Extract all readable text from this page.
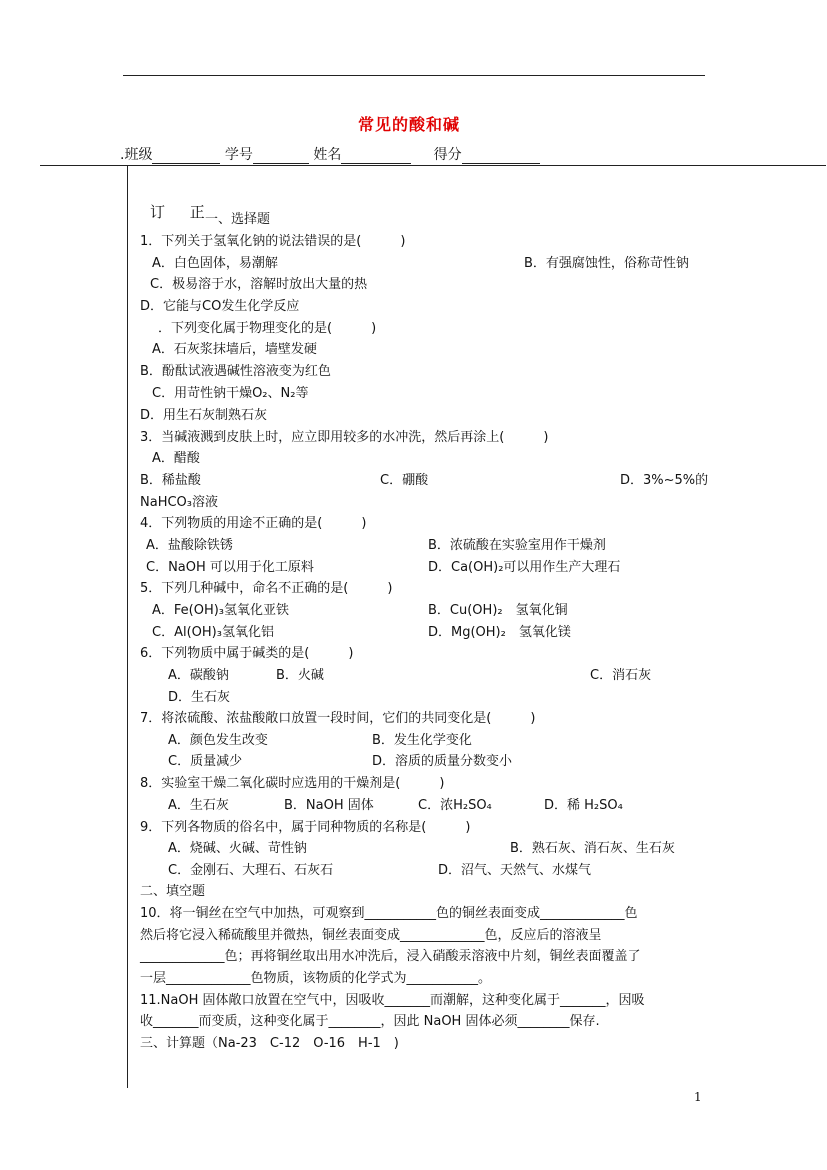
常见的酸和碱
.班级	学号	姓名	得分
订 正
一、选择题
1．下列关于氢氧化钠的说法错误的是(　　　)
A．白色固体，易潮解	B．有强腐蚀性，俗称苛性钠
C．极易溶于水，溶解时放出大量的热
D．它能与CO发生化学反应
．下列变化属于物理变化的是(　　　)
A．石灰浆抹墙后，墙壁发硬
B．酚酞试液遇碱性溶液变为红色
C．用苛性钠干燥O₂、N₂等
D．用生石灰制熟石灰
3．当碱液溅到皮肤上时，应立即用较多的水冲洗，然后再涂上(　　　)
A．醋酸
B．稀盐酸	C．硼酸	D．3%~5%的
NaHCO₃溶液
4．下列物质的用途不正确的是(　　　)
A．盐酸除铁锈	B．浓硫酸在实验室用作干燥剂
C．NaOH 可以用于化工原料	D．Ca(OH)₂可以用作生产大理石
5．下列几种碱中，命名不正确的是(　　　)
A．Fe(OH)₃氢氧化亚铁	B．Cu(OH)₂　氢氧化铜
C．Al(OH)₃氢氧化铝	D．Mg(OH)₂　氢氧化镁
6．下列物质中属于碱类的是(　　　)
A．碳酸钠	B．火碱	C．消石灰
D．生石灰
7．将浓硫酸、浓盐酸敞口放置一段时间，它们的共同变化是(　　　)
A．颜色发生改变	B．发生化学变化
C．质量减少	D．溶质的质量分数变小
8．实验室干燥二氧化碳时应选用的干燥剂是(　　　)
A．生石灰	B．NaOH 固体	C．浓H₂SO₄	D．稀 H₂SO₄
9．下列各物质的俗名中，属于同种物质的名称是(　　　)
A．烧碱、火碱、苛性钠	B．熟石灰、消石灰、生石灰
C．金刚石、大理石、石灰石	D．沼气、天然气、水煤气
二、填空题
10．将一铜丝在空气中加热，可观察到___________色的铜丝表面变成_____________色
然后将它浸入稀硫酸里并微热，铜丝表面变成_____________色，反应后的溶液呈
_____________色；再将铜丝取出用水冲洗后，浸入硝酸汞溶液中片刻，铜丝表面覆盖了
一层_____________色物质，该物质的化学式为___________。
11.NaOH 固体敞口放置在空气中，因吸收_______而潮解，这种变化属于_______，因吸
收_______而变质，这种变化属于________，因此 NaOH 固体必须________保存.
三、计算题（Na-23　C-12　O-16　H-1　)
1
